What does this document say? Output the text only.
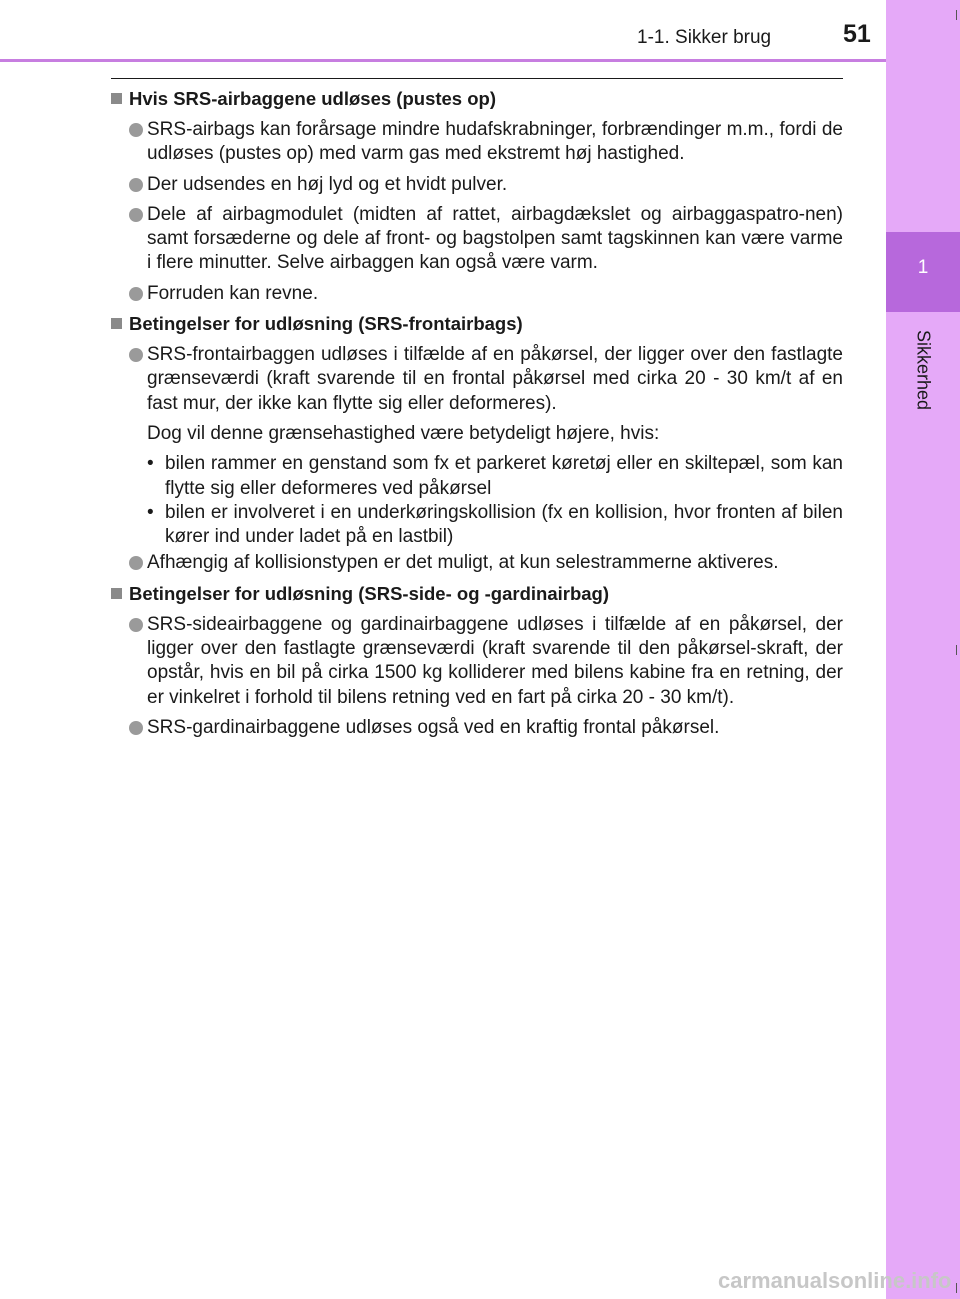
1-1. Sikker brug	51
1
Sikkerhed
Hvis SRS-airbaggene udløses (pustes op)
SRS-airbags kan forårsage mindre hudafskrabninger, forbrændinger m.m., fordi de udløses (pustes op) med varm gas med ekstremt høj hastighed.
Der udsendes en høj lyd og et hvidt pulver.
Dele af airbagmodulet (midten af rattet, airbagdækslet og airbaggaspatro-nen) samt forsæderne og dele af front- og bagstolpen samt tagskinnen kan være varme i flere minutter. Selve airbaggen kan også være varm.
Forruden kan revne.
Betingelser for udløsning (SRS-frontairbags)
SRS-frontairbaggen udløses i tilfælde af en påkørsel, der ligger over den fastlagte grænseværdi (kraft svarende til en frontal påkørsel med cirka 20 - 30 km/t af en fast mur, der ikke kan flytte sig eller deformeres).
Dog vil denne grænsehastighed være betydeligt højere, hvis:
• bilen rammer en genstand som fx et parkeret køretøj eller en skiltepæl, som kan flytte sig eller deformeres ved påkørsel
• bilen er involveret i en underkøringskollision (fx en kollision, hvor fronten af bilen kører ind under ladet på en lastbil)
Afhængig af kollisionstypen er det muligt, at kun selestrammerne aktiveres.
Betingelser for udløsning (SRS-side- og -gardinairbag)
SRS-sideairbaggene og gardinairbaggene udløses i tilfælde af en påkørsel, der ligger over den fastlagte grænseværdi (kraft svarende til den påkørsel-skraft, der opstår, hvis en bil på cirka 1500 kg kolliderer med bilens kabine fra en retning, der er vinkelret i forhold til bilens retning ved en fart på cirka 20 - 30 km/t).
SRS-gardinairbaggene udløses også ved en kraftig frontal påkørsel.
carmanualsonline.info
